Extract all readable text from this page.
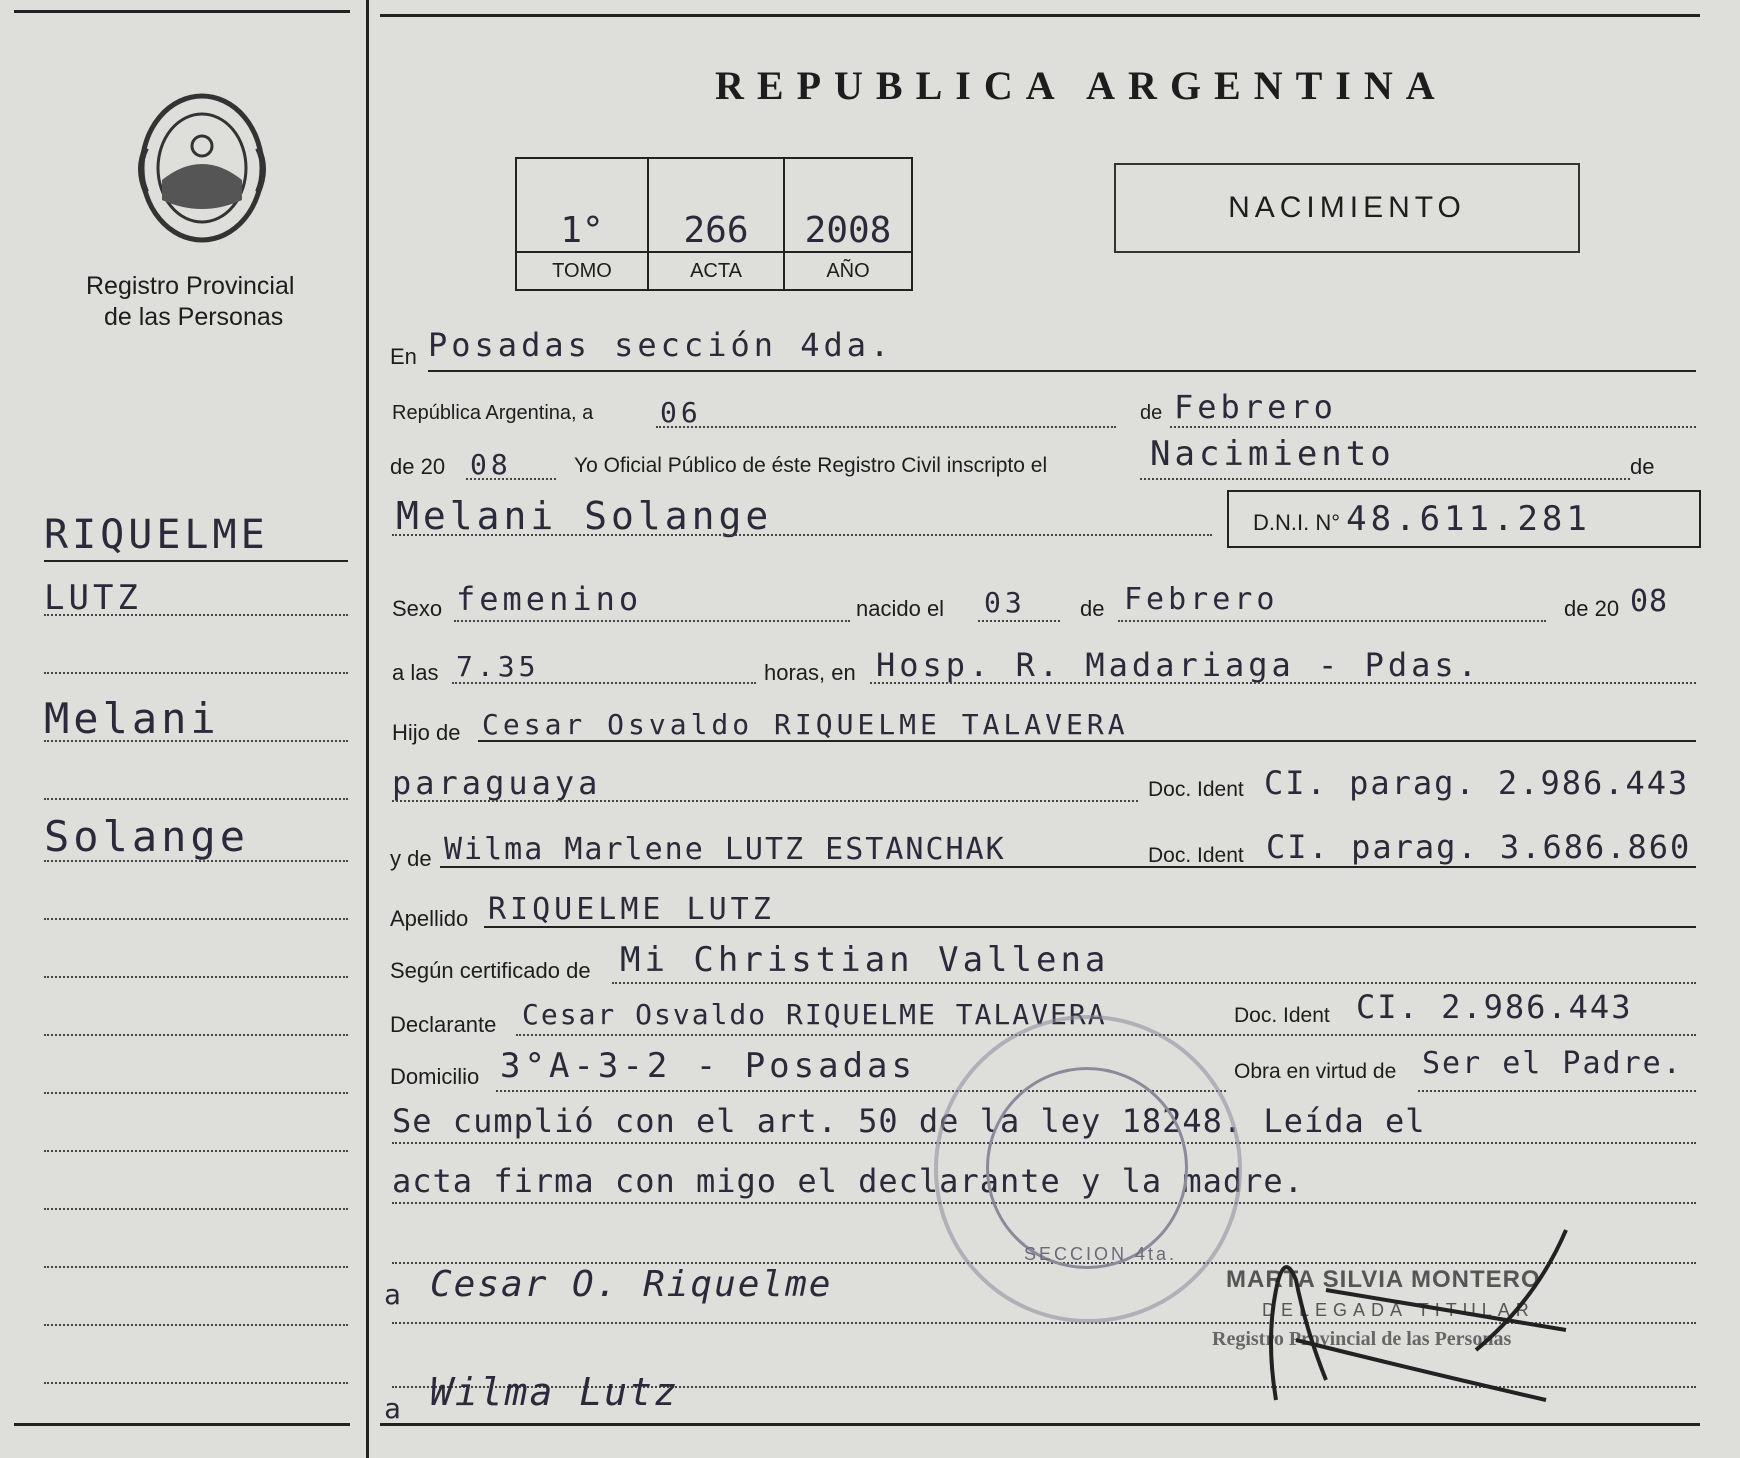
Registro Provincial
de las Personas
RIQUELME
LUTZ
Melani
Solange
REPUBLICA ARGENTINA
1°	266	2008
TOMO	ACTA	AÑO
NACIMIENTO
En Posadas sección 4da.
República Argentina, a 06	de Febrero
de 20 08	Yo Oficial Público de éste Registro Civil inscripto el	Nacimiento	de
Melani Solange	D.N.I. N° 48.611.281
Sexo femenino	nacido el 03 de Febrero	de 20 08
a las 7.35	horas, en Hosp. R. Madariaga - Pdas.
Hijo de Cesar Osvaldo RIQUELME TALAVERA
paraguaya	Doc. Ident CI. parag. 2.986.443
y de Wilma Marlene LUTZ ESTANCHAK	Doc. Ident CI. parag. 3.686.860
Apellido RIQUELME LUTZ
Según certificado de Mi Christian Vallena
Declarante Cesar Osvaldo RIQUELME TALAVERA	Doc. Ident CI. 2.986.443
Domicilio 3°A-3-2 - Posadas	Obra en virtud de Ser el Padre.
Se cumplió con el art. 50 de la ley 18248. Leída el
acta firma con migo el declarante y la madre.
a Cesar O. Riquelme
a Wilma Lutz
MARTA SILVIA MONTERO
DELEGADA TITULAR
Registro Provincial de las Personas
SECCION 4ta.
